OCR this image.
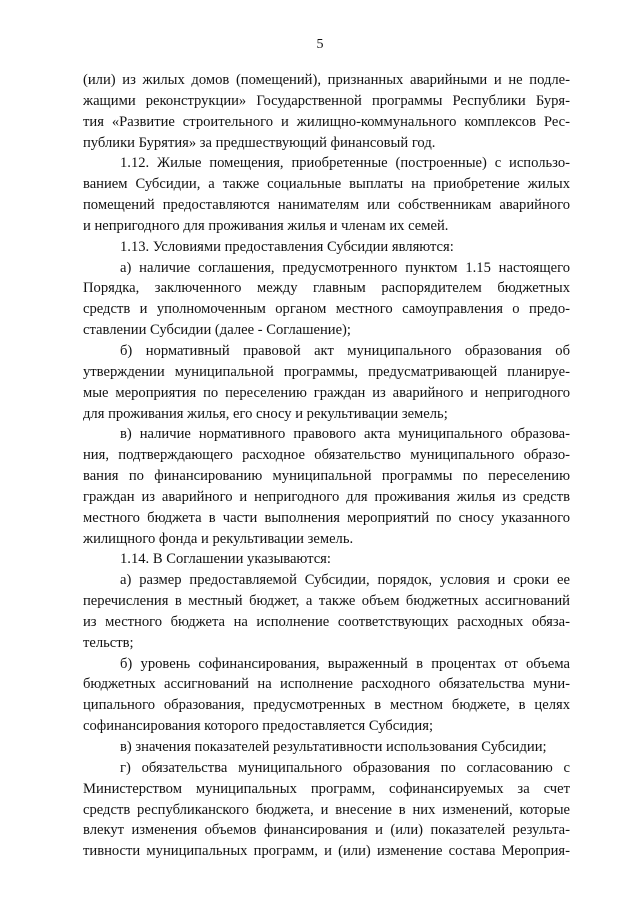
5
(или) из жилых домов (помещений), признанных аварийными и не подле-
жащими реконструкции» Государственной программы Республики Буря-
тия «Развитие строительного и жилищно-коммунального комплексов Рес-
публики Бурятия» за предшествующий финансовый год.
1.12. Жилые помещения, приобретенные (построенные) с использо-
ванием Субсидии, а также социальные выплаты на приобретение жилых
помещений предоставляются нанимателям или собственникам аварийного
и непригодного для проживания жилья и членам их семей.
1.13. Условиями предоставления Субсидии являются:
а) наличие соглашения, предусмотренного пунктом 1.15 настоящего
Порядка, заключенного между главным распорядителем бюджетных
средств и уполномоченным органом местного самоуправления о предо-
ставлении Субсидии (далее - Соглашение);
б) нормативный правовой акт муниципального образования об
утверждении муниципальной программы, предусматривающей планируе-
мые мероприятия по переселению граждан из аварийного и непригодного
для проживания жилья, его сносу и рекультивации земель;
в) наличие нормативного правового акта муниципального образова-
ния, подтверждающего расходное обязательство муниципального образо-
вания по финансированию муниципальной программы по переселению
граждан из аварийного и непригодного для проживания жилья из средств
местного бюджета в части выполнения мероприятий по сносу указанного
жилищного фонда и рекультивации земель.
1.14. В Соглашении указываются:
а) размер предоставляемой Субсидии, порядок, условия и сроки ее
перечисления в местный бюджет, а также объем бюджетных ассигнований
из местного бюджета на исполнение соответствующих расходных обяза-
тельств;
б) уровень софинансирования, выраженный в процентах от объема
бюджетных ассигнований на исполнение расходного обязательства муни-
ципального образования, предусмотренных в местном бюджете, в целях
софинансирования которого предоставляется Субсидия;
в) значения показателей результативности использования Субсидии;
г) обязательства муниципального образования по согласованию с
Министерством муниципальных программ, софинансируемых за счет
средств республиканского бюджета, и внесение в них изменений, которые
влекут изменения объемов финансирования и (или) показателей результа-
тивности муниципальных программ, и (или) изменение состава Мероприя-
